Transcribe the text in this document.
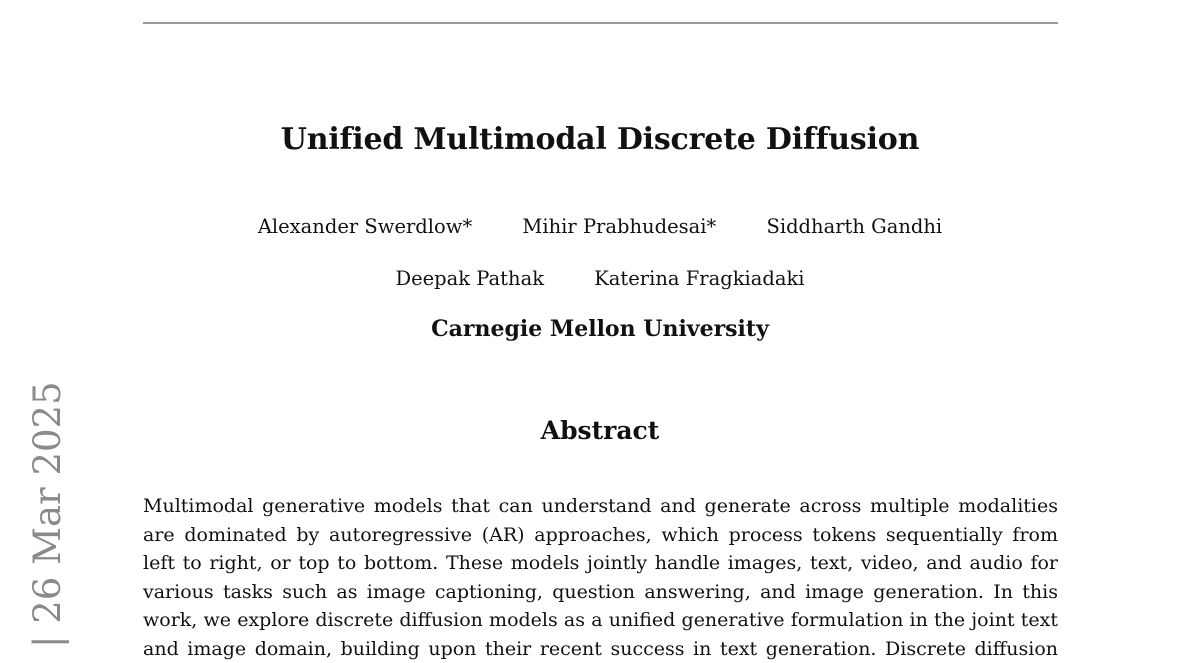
Unified Multimodal Discrete Diffusion
Alexander Swerdlow*	Mihir Prabhudesai*	Siddharth Gandhi
Deepak Pathak	Katerina Fragkiadaki
Carnegie Mellon University
Abstract
Multimodal generative models that can understand and generate across multiple modalities
are dominated by autoregressive (AR) approaches, which process tokens sequentially from
left to right, or top to bottom. These models jointly handle images, text, video, and audio for
various tasks such as image captioning, question answering, and image generation. In this
work, we explore discrete diffusion models as a unified generative formulation in the joint text
and image domain, building upon their recent success in text generation. Discrete diffusion
| 26 Mar 2025
